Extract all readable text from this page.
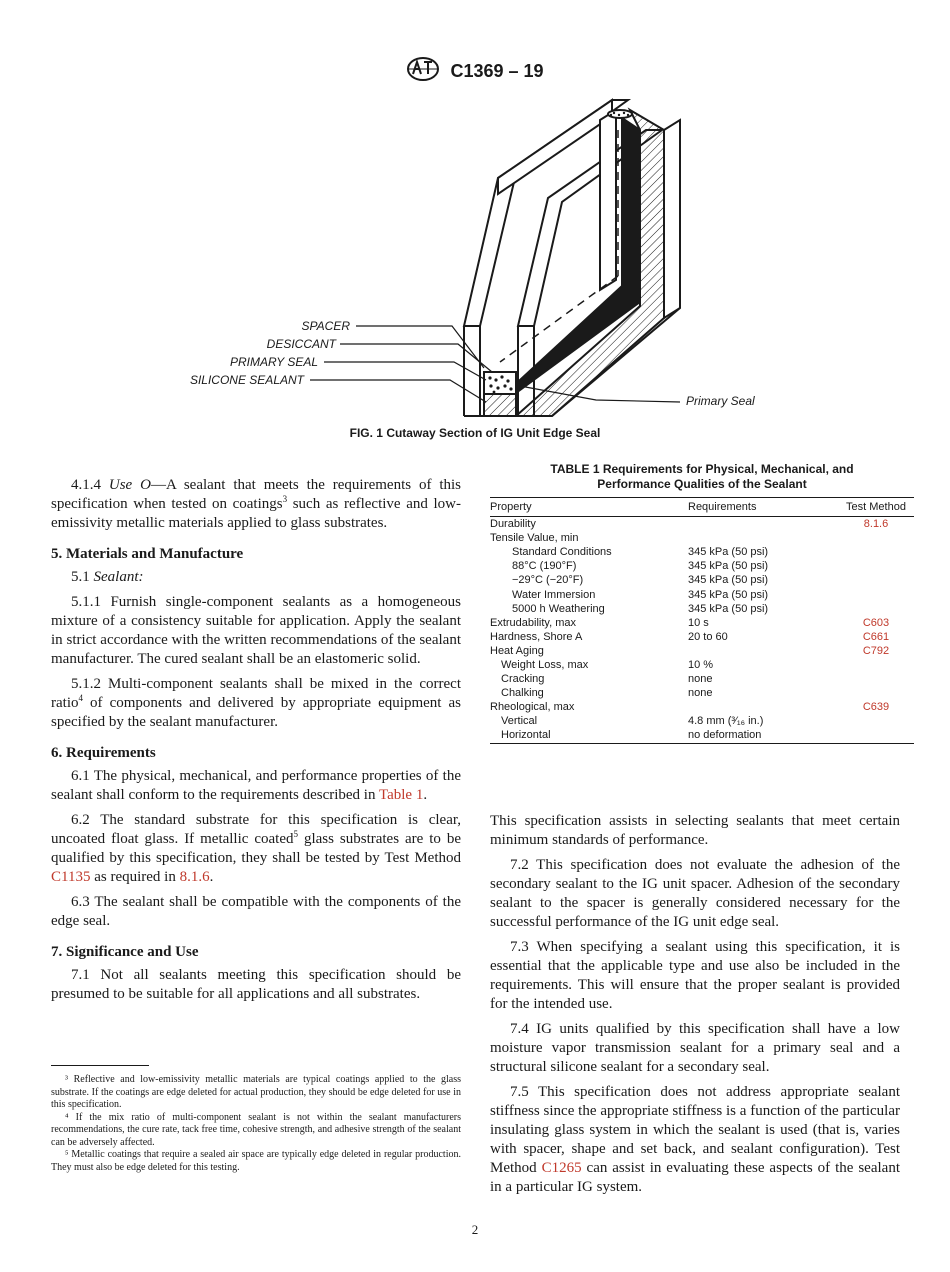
C1369 – 19
SPACER
DESICCANT
PRIMARY SEAL
SILICONE SEALANT
Primary Seal
FIG. 1 Cutaway Section of IG Unit Edge Seal

4.1.4 Use O—A sealant that meets the requirements of this specification when tested on coatings$^3$ such as reflective and low-emissivity metallic materials applied to glass substrates.

5. Materials and Manufacture

5.1 Sealant:

5.1.1 Furnish single-component sealants as a homogeneous mixture of a consistency suitable for application. Apply the sealant in strict accordance with the written recommendations of the sealant manufacturer. The cured sealant shall be an elastomeric solid.

5.1.2 Multi-component sealants shall be mixed in the correct ratio$^4$ of components and delivered by appropriate equipment as specified by the sealant manufacturer.

6. Requirements

6.1 The physical, mechanical, and performance properties of the sealant shall conform to the requirements described in Table 1.

6.2 The standard substrate for this specification is clear, uncoated float glass. If metallic coated$^5$ glass substrates are to be qualified by this specification, they shall be tested by Test Method C1135 as required in 8.1.6.

6.3 The sealant shall be compatible with the components of the edge seal.

7. Significance and Use

7.1 Not all sealants meeting this specification should be presumed to be suitable for all applications and all substrates.

³ Reflective and low-emissivity metallic materials are typical coatings applied to the glass substrate. If the coatings are edge deleted for actual production, they should be edge deleted for use in this specification.

⁴ If the mix ratio of multi-component sealant is not within the sealant manufacturers recommendations, the cure rate, tack free time, cohesive strength, and adhesive strength of the sealant can be adversely affected.

⁵ Metallic coatings that require a sealed air space are typically edge deleted in regular production. They must also be edge deleted for this testing.

TABLE 1 Requirements for Physical, Mechanical, and
Performance Qualities of the Sealant
Property	Requirements	Test Method
Durability		8.1.6
Tensile Value, min		
Standard Conditions	345 kPa (50 psi)	
88°C (190°F)	345 kPa (50 psi)	
−29°C (−20°F)	345 kPa (50 psi)	
Water Immersion	345 kPa (50 psi)	
5000 h Weathering	345 kPa (50 psi)	
Extrudability, max	10 s	C603
Hardness, Shore A	20 to 60	C661
Heat Aging		C792
Weight Loss, max	10 %	
Cracking	none	
Chalking	none	
Rheological, max		C639
Vertical	4.8 mm (³⁄₁₆ in.)	
Horizontal	no deformation	

This specification assists in selecting sealants that meet certain minimum standards of performance.

7.2 This specification does not evaluate the adhesion of the secondary sealant to the IG unit spacer. Adhesion of the secondary sealant to the spacer is generally considered necessary for the successful performance of the IG unit edge seal.

7.3 When specifying a sealant using this specification, it is essential that the applicable type and use also be included in the requirements. This will ensure that the proper sealant is provided for the intended use.

7.4 IG units qualified by this specification shall have a low moisture vapor transmission sealant for a primary seal and a structural silicone sealant for a secondary seal.

7.5 This specification does not address appropriate sealant stiffness since the appropriate stiffness is a function of the particular insulating glass system in which the sealant is used (that is, varies with spacer, shape and set back, and sealant configuration). Test Method C1265 can assist in evaluating these aspects of the sealant in a particular IG system.

2
